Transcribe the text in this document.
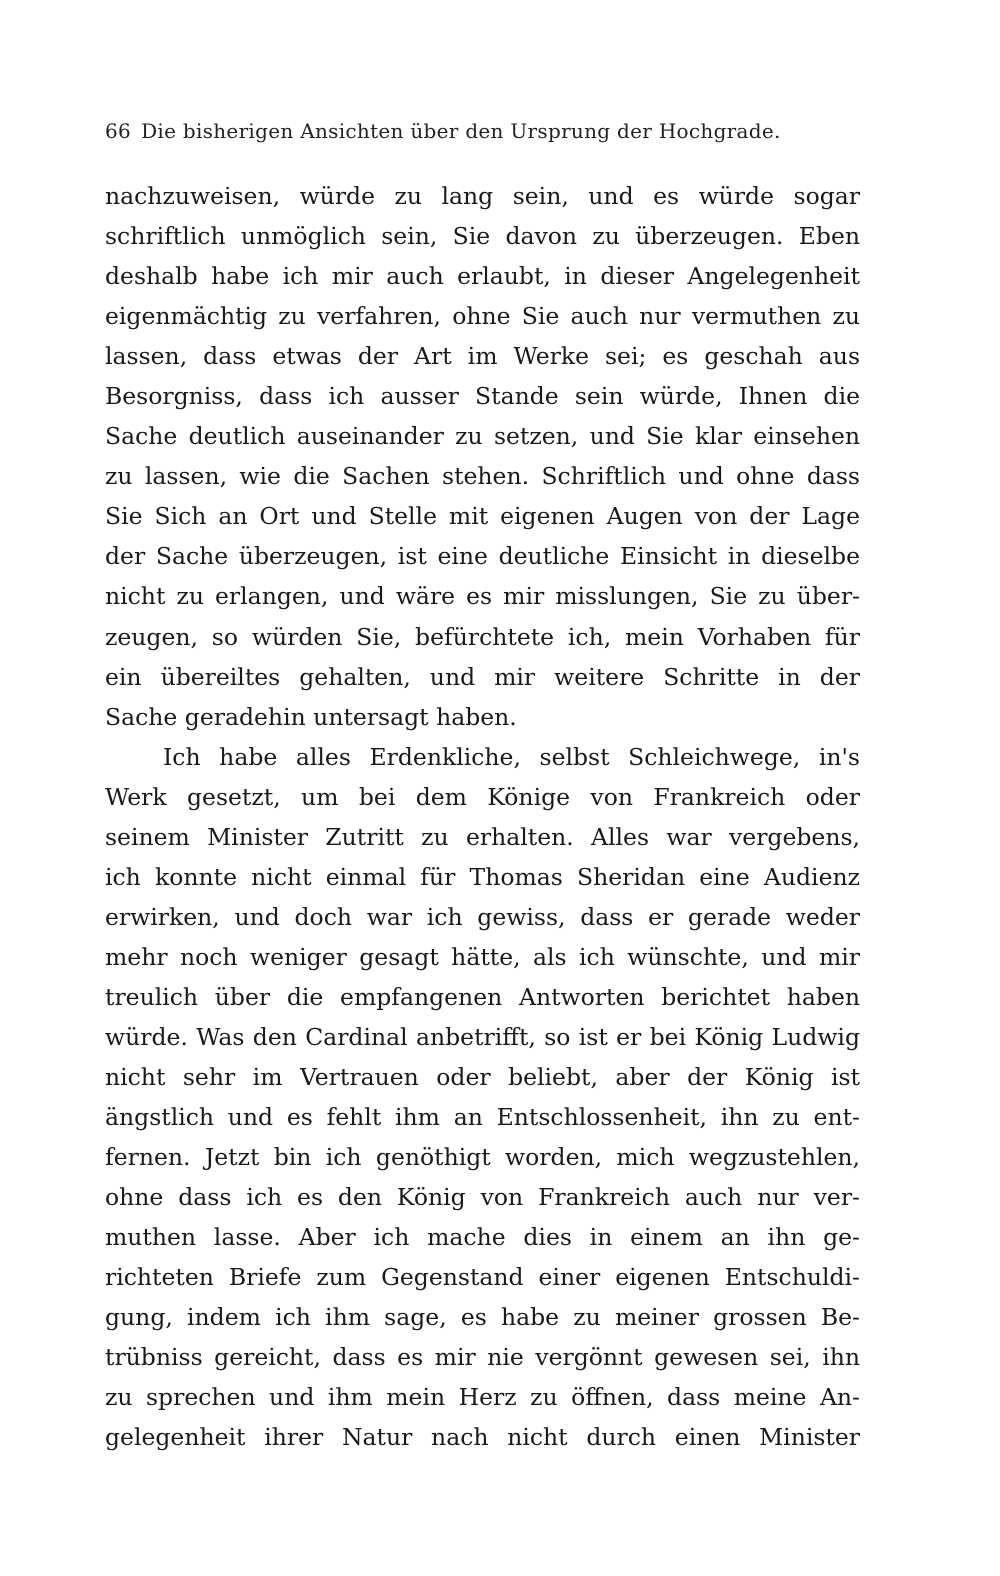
66 Die bisherigen Ansichten über den Ursprung der Hochgrade.
nachzuweisen, würde zu lang sein, und es würde sogar
schriftlich unmöglich sein, Sie davon zu überzeugen. Eben
deshalb habe ich mir auch erlaubt, in dieser Angelegenheit
eigenmächtig zu verfahren, ohne Sie auch nur vermuthen zu
lassen, dass etwas der Art im Werke sei; es geschah aus
Besorgniss, dass ich ausser Stande sein würde, Ihnen die
Sache deutlich auseinander zu setzen, und Sie klar einsehen
zu lassen, wie die Sachen stehen. Schriftlich und ohne dass
Sie Sich an Ort und Stelle mit eigenen Augen von der Lage
der Sache überzeugen, ist eine deutliche Einsicht in dieselbe
nicht zu erlangen, und wäre es mir misslungen, Sie zu über-
zeugen, so würden Sie, befürchtete ich, mein Vorhaben für
ein übereiltes gehalten, und mir weitere Schritte in der
Sache geradehin untersagt haben.
Ich habe alles Erdenkliche, selbst Schleichwege, in's
Werk gesetzt, um bei dem Könige von Frankreich oder
seinem Minister Zutritt zu erhalten. Alles war vergebens,
ich konnte nicht einmal für Thomas Sheridan eine Audienz
erwirken, und doch war ich gewiss, dass er gerade weder
mehr noch weniger gesagt hätte, als ich wünschte, und mir
treulich über die empfangenen Antworten berichtet haben
würde. Was den Cardinal anbetrifft, so ist er bei König Ludwig
nicht sehr im Vertrauen oder beliebt, aber der König ist
ängstlich und es fehlt ihm an Entschlossenheit, ihn zu ent-
fernen. Jetzt bin ich genöthigt worden, mich wegzustehlen,
ohne dass ich es den König von Frankreich auch nur ver-
muthen lasse. Aber ich mache dies in einem an ihn ge-
richteten Briefe zum Gegenstand einer eigenen Entschuldi-
gung, indem ich ihm sage, es habe zu meiner grossen Be-
trübniss gereicht, dass es mir nie vergönnt gewesen sei, ihn
zu sprechen und ihm mein Herz zu öffnen, dass meine An-
gelegenheit ihrer Natur nach nicht durch einen Minister
